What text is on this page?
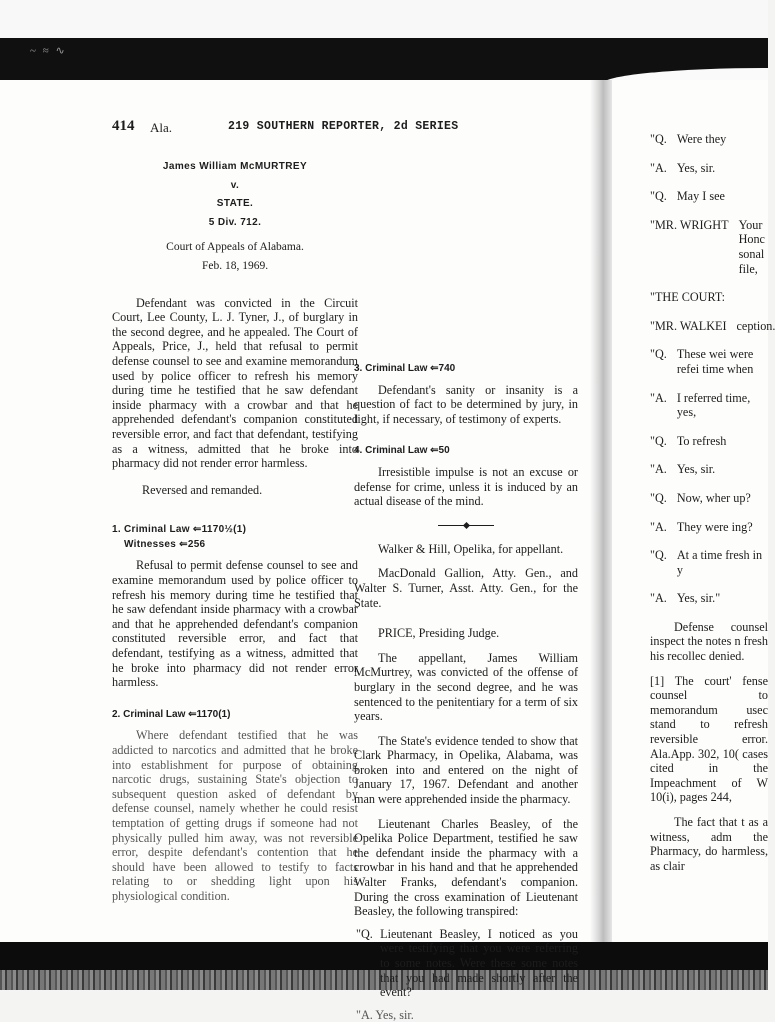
~ ≈ ∿
414 Ala.	219 SOUTHERN REPORTER, 2d SERIES
James William McMURTREY
v.
STATE.
5 Div. 712.
Court of Appeals of Alabama.
Feb. 18, 1969.

Defendant was convicted in the Circuit Court, Lee County, L. J. Tyner, J., of burglary in the second degree, and he appealed. The Court of Appeals, Price, J., held that refusal to permit defense counsel to see and examine memorandum used by police officer to refresh his memory during time he testified that he saw defendant inside pharmacy with a crowbar and that he apprehended defendant's companion constituted reversible error, and fact that defendant, testifying as a witness, admitted that he broke into pharmacy did not render error harmless.

Reversed and remanded.

1. Criminal Law ⇐1170½(1)
Witnesses ⇐256

Refusal to permit defense counsel to see and examine memorandum used by police officer to refresh his memory during time he testified that he saw defendant inside pharmacy with a crowbar and that he apprehended defendant's companion constituted reversible error, and fact that defendant, testifying as a witness, admitted that he broke into pharmacy did not render error harmless.

2. Criminal Law ⇐1170(1)

Where defendant testified that he was addicted to narcotics and admitted that he broke into establishment for purpose of obtaining narcotic drugs, sustaining State's objection to subsequent question asked of defendant by defense counsel, namely whether he could resist temptation of getting drugs if someone had not physically pulled him away, was not reversible error, despite defendant's contention that he should have been allowed to testify to facts relating to or shedding light upon his physiological condition.

3. Criminal Law ⇐740

Defendant's sanity or insanity is a question of fact to be determined by jury, in light, if necessary, of testimony of experts.

4. Criminal Law ⇐50

Irresistible impulse is not an excuse or defense for crime, unless it is induced by an actual disease of the mind.

Walker & Hill, Opelika, for appellant.

MacDonald Gallion, Atty. Gen., and Walter S. Turner, Asst. Atty. Gen., for the State.

PRICE, Presiding Judge.

The appellant, James William McMurtrey, was convicted of the offense of burglary in the second degree, and he was sentenced to the penitentiary for a term of six years.

The State's evidence tended to show that Clark Pharmacy, in Opelika, Alabama, was broken into and entered on the night of January 17, 1967. Defendant and another man were apprehended inside the pharmacy.

Lieutenant Charles Beasley, of the Opelika Police Department, testified he saw the defendant inside the pharmacy with a crowbar in his hand and that he apprehended Walter Franks, defendant's companion. During the cross examination of Lieutenant Beasley, the following transpired:

"Q. Lieutenant Beasley, I noticed as you were testifying that you were referring to some notes. Were these some notes that you had made shortly after the event?

"A. Yes, sir.

"Q. Were they
"A. Yes, sir.
"Q. May I see
"MR. WRIGHT Your Honc sonal file,
"THE COURT:
"MR. WALKEI ception.
"Q. These wei were refei time when
"A. I referred time, yes,
"Q. To refresh
"A. Yes, sir.
"Q. Now, wher up?
"A. They were ing?
"Q. At a time fresh in y
"A. Yes, sir."

Defense counsel inspect the notes n fresh his recollec denied.

[1] The court' fense counsel to memorandum usec stand to refresh reversible error. Ala.App. 302, 10( cases cited in the Impeachment of W 10(i), pages 244,

The fact that t as a witness, adm the Pharmacy, do harmless, as clair
